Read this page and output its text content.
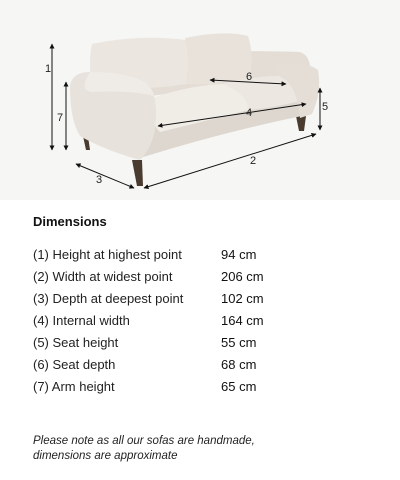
1
2
3
4	5
6
7
Dimensions
(1) Height at highest point	94 cm
(2) Width at widest point	206 cm
(3) Depth at deepest point	102 cm
(4) Internal width	164 cm
(5) Seat height	55 cm
(6) Seat depth	68 cm
(7) Arm height	65 cm

Please note as all our sofas are handmade,
dimensions are approximate
